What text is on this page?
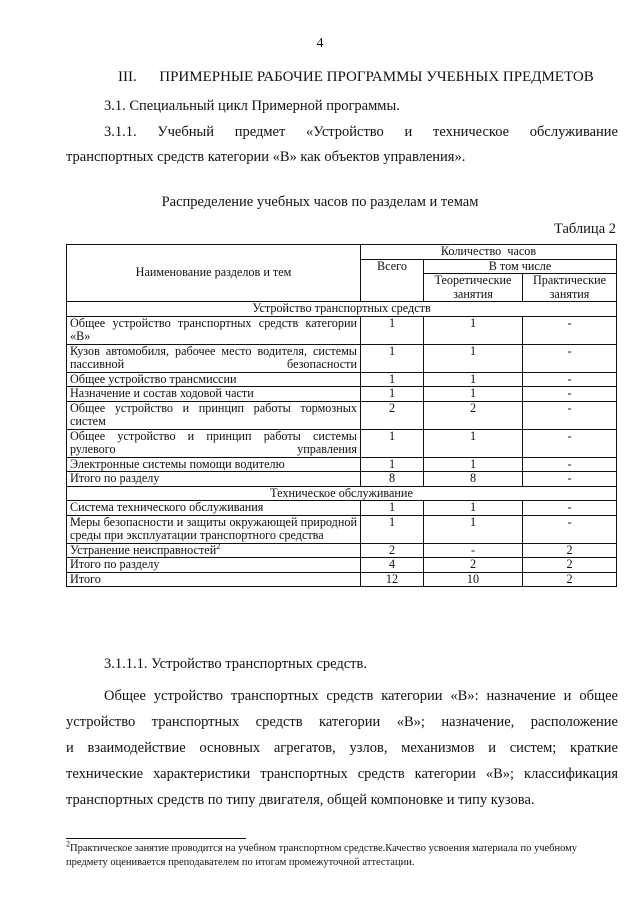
4
III.      ПРИМЕРНЫЕ РАБОЧИЕ ПРОГРАММЫ УЧЕБНЫХ ПРЕДМЕТОВ
3.1. Специальный цикл Примерной программы.
3.1.1.  Учебный  предмет  «Устройство  и  техническое  обслуживание
транспортных средств категории «В» как объектов управления».
Распределение учебных часов по разделам и темам
Таблица 2
Наименование разделов и тем	Количество  часов		
	Всего	В том числе	
		Теоретические занятия	Практические занятия
Устройство транспортных средств			

Общее устройство транспортных средств категории «В»	1	1	-

Кузов автомобиля, рабочее место водителя, системы пассивной безопасности	1	1	-
Общее устройство трансмиссии	1	1	-
Назначение и состав ходовой части	1	1	-

Общее устройство и принцип работы тормозных систем	2	2	-

Общее устройство и принцип работы системы рулевого управления	1	1	-
Электронные системы помощи водителю	1	1	-
Итого по разделу	8	8	-
Техническое обслуживание			
Система технического обслуживания	1	1	-

Меры безопасности и защиты окружающей природной среды при эксплуатации транспортного средства	1	1	-
Устранение неисправностей$^2$	2	-	2
Итого по разделу	4	2	2
Итого	12	10	2
3.1.1.1. Устройство транспортных средств.
Общее устройство транспортных средств категории «В»: назначение и общее
устройство  транспортных  средств  категории  «В»;  назначение,  расположение
и  взаимодействие  основных  агрегатов,  узлов,  механизмов  и  систем;  краткие
технические характеристики транспортных средств категории «В»; классификация
транспортных средств по типу двигателя, общей компоновке и типу кузова.
$^2$Практическое занятие проводится на учебном транспортном средстве.Качество усвоения материала по учебному предмету оценивается преподавателем по итогам промежуточной аттестации.
